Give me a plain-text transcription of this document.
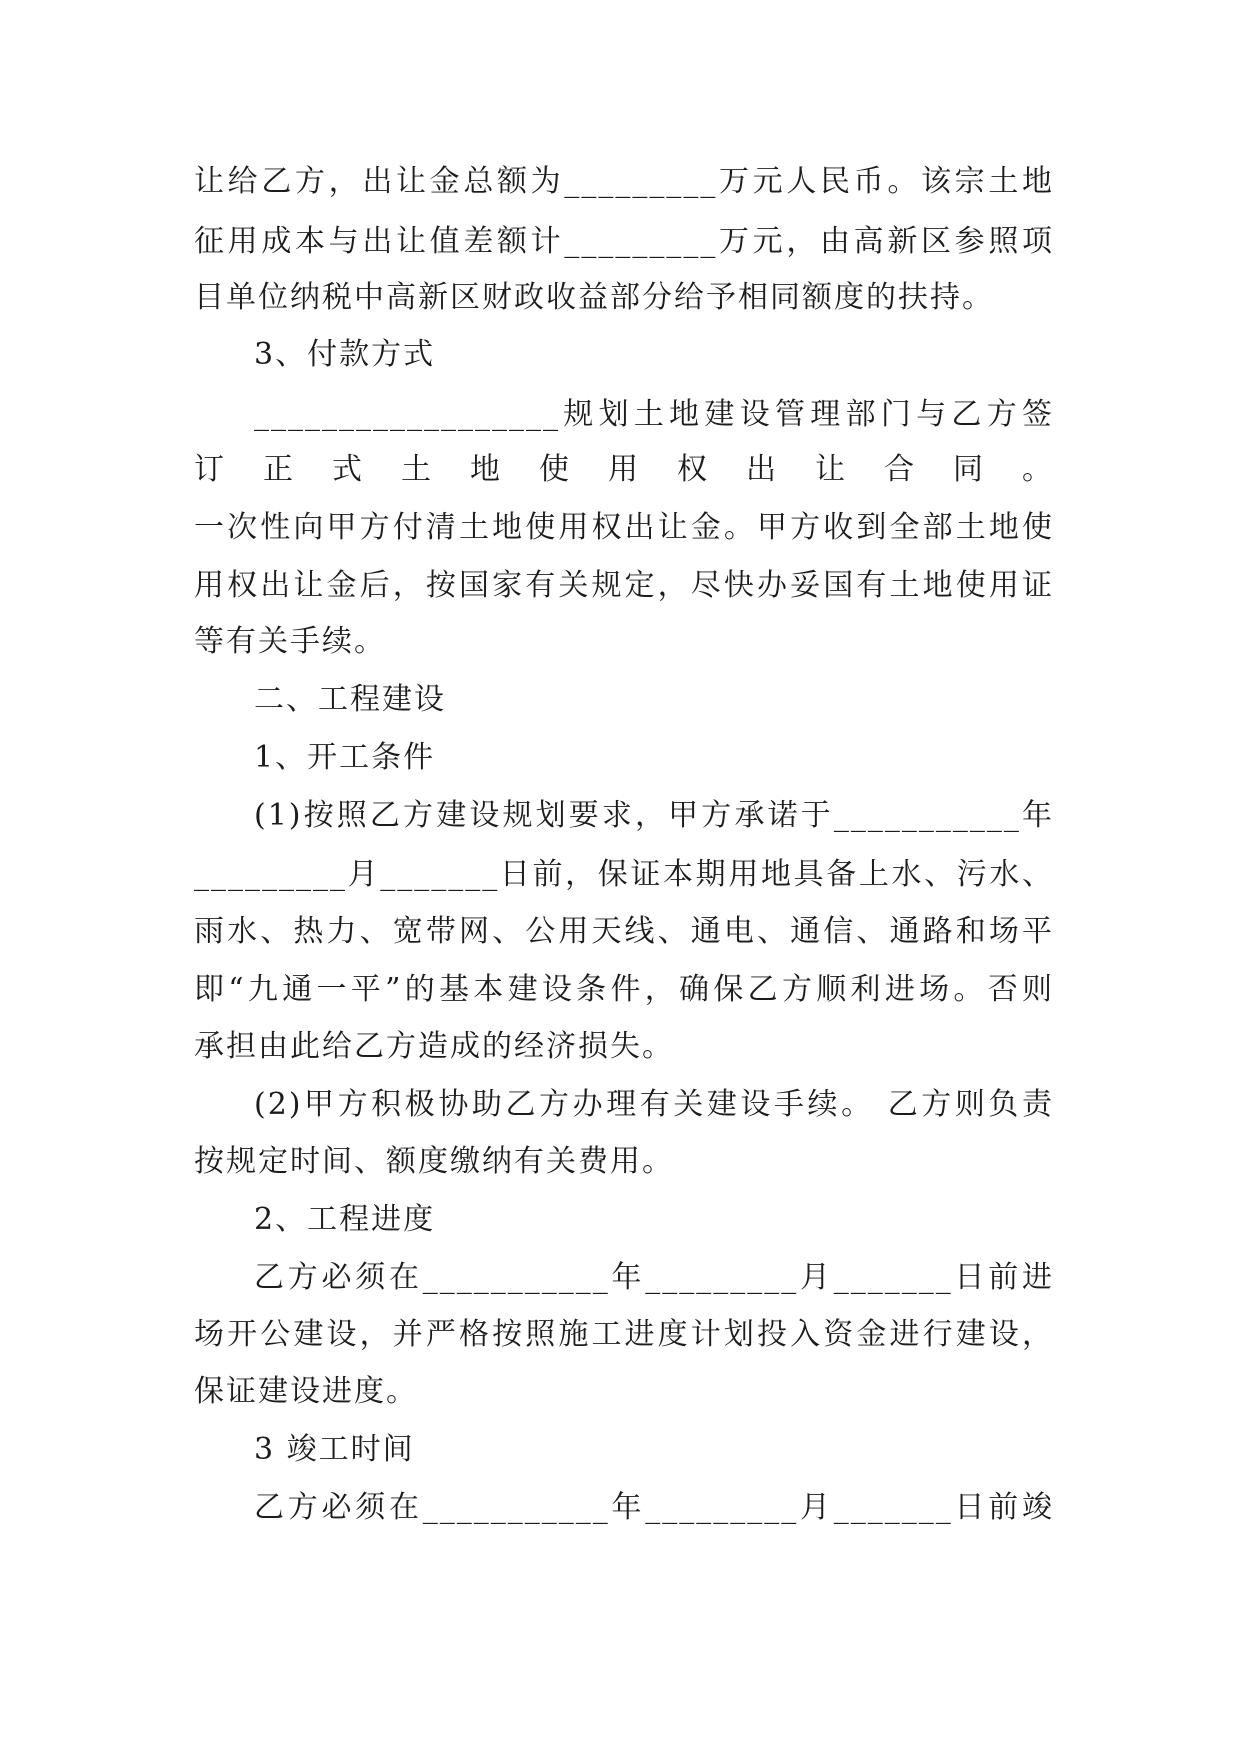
让给乙方，出让金总额为_________万元人民币。该宗土地
征用成本与出让值差额计_________万元，由高新区参照项
目单位纳税中高新区财政收益部分给予相同额度的扶持。
3、付款方式
__________________规划土地建设管理部门与乙方签
订正式土地使用权出让合同。
一次性向甲方付清土地使用权出让金。甲方收到全部土地使
用权出让金后，按国家有关规定，尽快办妥国有土地使用证
等有关手续。
二、工程建设
1、开工条件
(1)按照乙方建设规划要求，甲方承诺于___________年
_________月_______日前，保证本期用地具备上水、污水、
雨水、热力、宽带网、公用天线、通电、通信、通路和场平
即“九通一平”的基本建设条件，确保乙方顺利进场。否则
承担由此给乙方造成的经济损失。
(2)甲方积极协助乙方办理有关建设手续。 乙方则负责
按规定时间、额度缴纳有关费用。
2、工程进度
乙方必须在___________年_________月_______日前进
场开公建设，并严格按照施工进度计划投入资金进行建设，
保证建设进度。
3 竣工时间
乙方必须在___________年_________月_______日前竣
